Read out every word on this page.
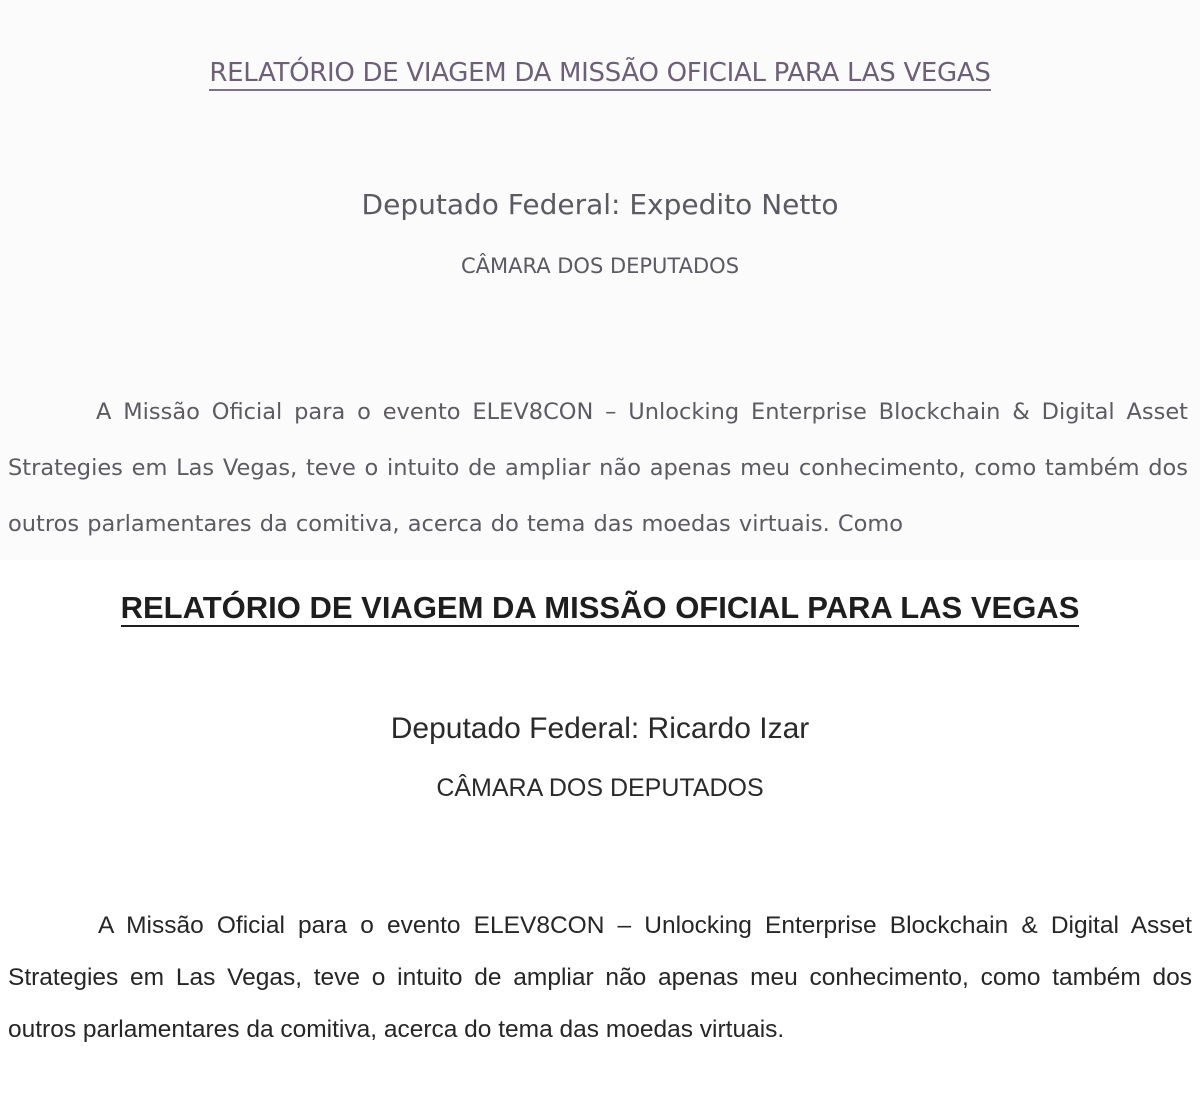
RELATÓRIO DE VIAGEM DA MISSÃO OFICIAL PARA LAS VEGAS
Deputado Federal: Expedito Netto
CÂMARA DOS DEPUTADOS
A Missão Oficial para o evento ELEV8CON – Unlocking Enterprise Blockchain & Digital Asset Strategies em Las Vegas, teve o intuito de ampliar não apenas meu conhecimento, como também dos outros parlamentares da comitiva, acerca do tema das moedas virtuais. Como
RELATÓRIO DE VIAGEM DA MISSÃO OFICIAL PARA LAS VEGAS
Deputado Federal: Ricardo Izar
CÂMARA DOS DEPUTADOS
A Missão Oficial para o evento ELEV8CON – Unlocking Enterprise Blockchain & Digital Asset Strategies em Las Vegas, teve o intuito de ampliar não apenas meu conhecimento, como também dos outros parlamentares da comitiva, acerca do tema das moedas virtuais.
